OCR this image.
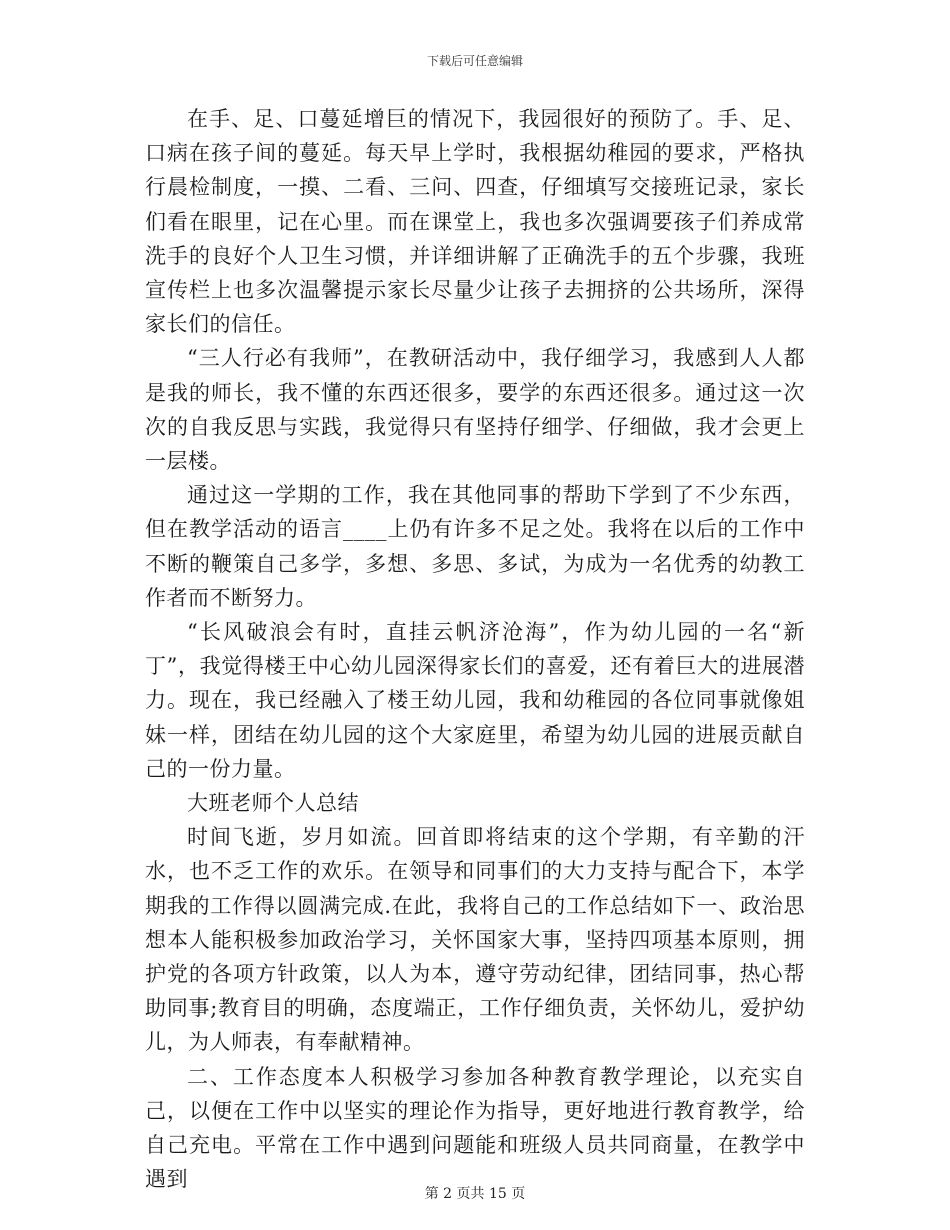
下载后可任意编辑

在手、足、口蔓延增巨的情况下，我园很好的预防了。手、足、口病在孩子间的蔓延。每天早上学时，我根据幼稚园的要求，严格执行晨检制度，一摸、二看、三问、四查，仔细填写交接班记录，家长们看在眼里，记在心里。而在课堂上，我也多次强调要孩子们养成常洗手的良好个人卫生习惯，并详细讲解了正确洗手的五个步骤，我班宣传栏上也多次温馨提示家长尽量少让孩子去拥挤的公共场所，深得家长们的信任。

“三人行必有我师”，在教研活动中，我仔细学习，我感到人人都是我的师长，我不懂的东西还很多，要学的东西还很多。通过这一次次的自我反思与实践，我觉得只有坚持仔细学、仔细做，我才会更上一层楼。

通过这一学期的工作，我在其他同事的帮助下学到了不少东西，但在教学活动的语言____上仍有许多不足之处。我将在以后的工作中不断的鞭策自己多学，多想、多思、多试，为成为一名优秀的幼教工作者而不断努力。

“长风破浪会有时，直挂云帆济沧海”，作为幼儿园的一名“新丁”，我觉得楼王中心幼儿园深得家长们的喜爱，还有着巨大的进展潜力。现在，我已经融入了楼王幼儿园，我和幼稚园的各位同事就像姐妹一样，团结在幼儿园的这个大家庭里，希望为幼儿园的进展贡献自己的一份力量。

大班老师个人总结

时间飞逝，岁月如流。回首即将结束的这个学期，有辛勤的汗水，也不乏工作的欢乐。在领导和同事们的大力支持与配合下，本学期我的工作得以圆满完成.在此，我将自己的工作总结如下一、政治思想本人能积极参加政治学习，关怀国家大事，坚持四项基本原则，拥护党的各项方针政策，以人为本，遵守劳动纪律，团结同事，热心帮助同事;教育目的明确，态度端正，工作仔细负责，关怀幼儿，爱护幼儿，为人师表，有奉献精神。

二、工作态度本人积极学习参加各种教育教学理论，以充实自己，以便在工作中以坚实的理论作为指导，更好地进行教育教学，给自己充电。平常在工作中遇到问题能和班级人员共同商量，在教学中遇到

第 2 页共 15 页
